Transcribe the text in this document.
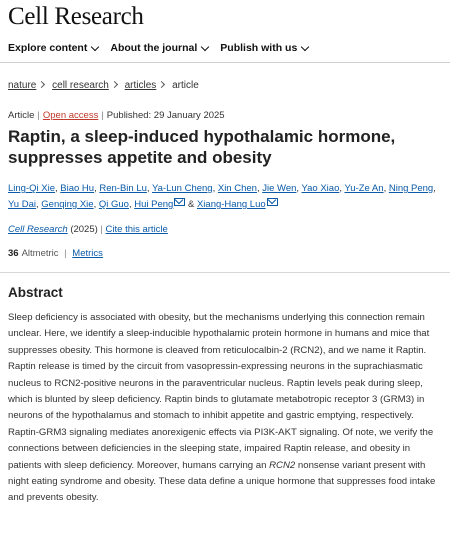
Cell Research
Explore content About the journal Publish with us
nature cell research articles article
Article | Open access | Published: 29 January 2025
Raptin, a sleep-induced hypothalamic hormone, suppresses appetite and obesity
Ling-Qi Xie, Biao Hu, Ren-Bin Lu, Ya-Lun Cheng, Xin Chen, Jie Wen, Yao Xiao, Yu-Ze An, Ning Peng, Yu Dai, Genqing Xie, Qi Guo, Hui Peng & Xiang-Hang Luo
Cell Research (2025) | Cite this article
36 Altmetric | Metrics
Abstract

Sleep deficiency is associated with obesity, but the mechanisms underlying this connection remain unclear. Here, we identify a sleep-inducible hypothalamic protein hormone in humans and mice that suppresses obesity. This hormone is cleaved from reticulocalbin-2 (RCN2), and we name it Raptin. Raptin release is timed by the circuit from vasopressin-expressing neurons in the suprachiasmatic nucleus to RCN2-positive neurons in the paraventricular nucleus. Raptin levels peak during sleep, which is blunted by sleep deficiency. Raptin binds to glutamate metabotropic receptor 3 (GRM3) in neurons of the hypothalamus and stomach to inhibit appetite and gastric emptying, respectively. Raptin-GRM3 signaling mediates anorexigenic effects via PI3K-AKT signaling. Of note, we verify the connections between deficiencies in the sleeping state, impaired Raptin release, and obesity in patients with sleep deficiency. Moreover, humans carrying an RCN2 nonsense variant present with night eating syndrome and obesity. These data define a unique hormone that suppresses food intake and prevents obesity.
